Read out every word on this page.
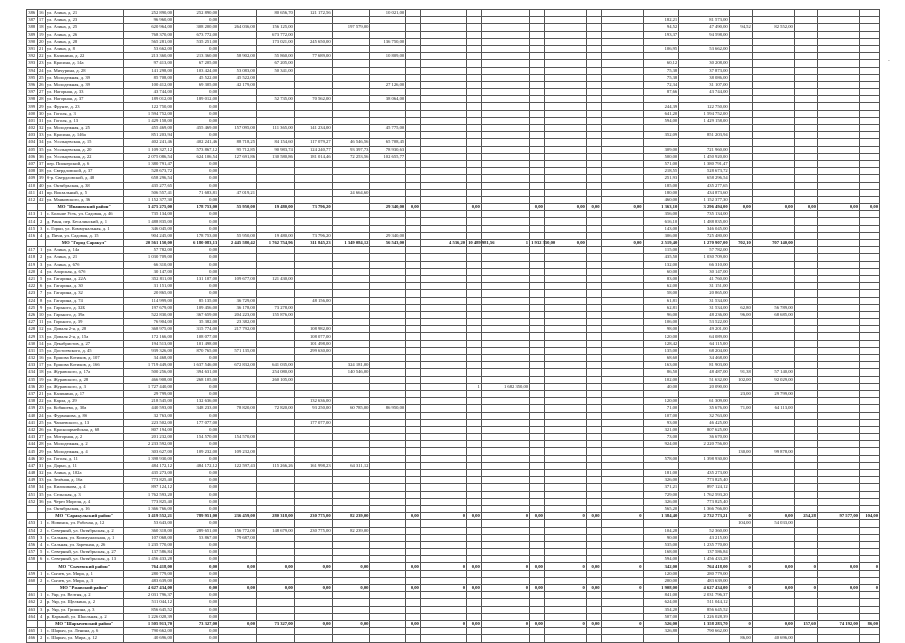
386	16	ул. Азина, д. 21	252 890,00	252 890,00		80 656,70	121 172,56		10 021,00															
387	17	ул. Азина, д. 23	96 960,00	0,00														182,21	81 573,00					
388	18	ул. Азина, д. 25	620 964,00	308 200,00	264 036,00	156 125,00		197 579,00										94,52	47 490,00	94,52	82 552,00			
389	19	ул. Азина, д. 26	768 370,00	673 772,00		673 772,00												193,37	94 598,00					
390	20	ул. Азина, д. 28	565 281,00	535 251,00		173 021,00	245 650,00		136 750,00															
391	21	ул. Азина, д. 8	53 662,00	0,00														106,95	53 662,00					
392	22	ул. Калинина, д. 22	213 360,00	213 360,00	58 902,00	55 860,00	77 689,00		10 809,00															
393	23	ул. Красина, д. 14а	97 413,00	67 205,00		67 205,00												60,12	30 208,00					
394	24	ул. Мичурина, д. 28	141 298,00	103 424,00	53 083,00	50 341,00												75,38	37 873,00					
395	25	ул. Молодежная, д. 39	85 708,00	45 522,00	45 522,00													75,38	38 086,00					
396	26	ул. Молодежная, д. 39	100 412,00	69 305,00	42 179,00				27 126,00									72,34	31 107,00					
397	27	ул. Нагорная, д. 33	43 744,00	0,00														87,66	43 744,00					
398	28	ул. Нагорная, д. 37	189 012,00	189 012,00		52 735,00	70 562,00		38 064,00															
399	29	ул. Фрунзе, д. 23	122 750,00	0,00														244,39	122 750,00					
400	30	ул. Гоголя, д. 3	1 594 752,00	0,00														641,20	1 594 752,00					
401	31	ул. Гоголя, д. 13	1 429 158,00	0,00														594,00	1 429 158,00					
402	32	ул. Молодежная, д. 25	455 469,00	455 469,00	157 095,00	111 365,00	141 234,00		45 775,00															
403	33	ул. Красина, д. 146а	851 203,94	0,00														352,09	851 203,94					
404	34	ул. Усольцевская, д. 15	402 241,46	402 241,46	88 718,25	84 154,60	117 079,27	46 546,56	65 708,45															
405	35	ул. Усольцевская, д. 20	1 109 327,12	573 867,12	95 712,85	90 983,74	124 240,77	93 397,73	78 930,63									309,00	721 960,00					
406	36	ул. Усольцевская, д. 22	2 075 086,54	624 106,54	127 691,86	130 580,86	181 014,46	72 253,56	102 655,77									500,00	1 450 920,00					
407	37	пер. Пионерский, д. 6	1 380 791,47	0,00														571,00	1 380 791,47					
408	38	ул. Свердловской, д. 37	528 673,72	0,00														218,55	528 673,72					
409	39	б-р. Свердловской, д. 48	658 296,54	0,00														251,93	658 296,54					
410	40	ул. Октябрьская, д. 38	435 277,65	0,00														185,00	435 277,65					
411	41	пр. Вокзальный, д. 5	506 557,41	71 683,81	47 019,21			24 664,60										180,00	434 873,60					
412	42	ул. Маяковского, д. 36	1 152 377,30	0,00														460,00	1 152 377,30					
		МО "Ивановский район"	3 475 275,00	178 753,00	55 950,00	19 480,00	73 796,20		29 340,00	0,00		0,00		0,00	0,00	0,00	0,00	1 363,10	3 296 494,00	0,00	0,00	0,00	0,00	0,00
413	1	с. Больше Усть, ул. Садовая, д. 46	735 134,00	0,00														356,00	735 134,00					
414	2	д. Ранн, пер. Бесалинский, д. 1	1 488 835,00	0,00														616,10	1 488 835,00					
415	3	с. Горки, ул. Коммунальная, д. 1	346 045,00	0,00														143,00	346 045,00					
416	4	д. Пичи, ул. Садовая, д. 15	904 245,00	178 753,00	55 950,00	19 480,00	73 796,20		29 340,00									306,00	725 480,00					
		МО "Город Саракул"	20 561 150,00	6 180 083,13	2 445 580,42	1 762 754,96	311 845,23	1 349 084,12	56 543,00		4 536,20	10 489 981,56	1	1 932 350,00	0,00		0,00	2 519,40	1 270 907,00	702,10	707 140,00			
417	1	ул. Азина, д. 14а	57 782,00	0,00														115,00	57 782,00					
418	2	ул. Азина, д. 21	1 030 709,00	0,00														435,50	1 030 709,00					
419	3	ул. Азина, д. 67б	66 310,00	0,00														132,00	66 310,00					
420	4	ул. Азорская, д. 67б	30 147,00	0,00														60,00	30 147,00					
421	5	ул. Гагарина, д. 22А	352 811,00	131 107,00	109 677,00	121 430,00												83,00	41 760,00					
422	6	ул. Гагарина, д. 30	31 151,00	0,00														62,00	31 151,00					
423	7	ул. Гагарина, д. 32	20 865,00	0,00														58,00	20 865,00					
424	8	ул. Гагарина, д. 74	114 999,00	85 135,00	36 729,00		48 156,00											61,81	31 534,00					
425	9	ул. Гарького, д. 32Б	197 679,00	109 456,00	36 178,00	73 278,00												62,81	31 534,00	62,80	56 789,00			
426	10	ул. Гарького, д. 39а	522 830,00	367 659,00	204 223,00	155 876,00												96,00	48 236,00	96,00	68 685,00			
427	11	ул. Горького, д. 39	76 904,00	35 382,00	23 382,00													106,00	53 522,00					
428	12	ул. Доваля 2-я, д. 28	368 975,00	315 774,00	217 792,00		108 982,00											98,00	49 201,00					
429	13	ул. Доваля 2-я, д. 15а	172 166,00	108 077,00			108 077,00											120,00	64 089,00					
430	14	ул. Декабристов, д. 27	194 513,00	101 498,00			101 498,00											128,42	64 115,00					
431	15	ул. Достоевского, д. 45	939 326,00	870 765,00	571 135,00		299 630,00											135,00	68 204,00					
432	16	ул. Ершова Котиков, д. 107	34 468,00	0,00														68,60	34 468,00					
433	17	ул. Ершова Котиков, д. 166	1 719 449,00	1 637 546,00	672 832,00	641 035,00		324 181,00										163,00	81 903,00					
434	18	ул. Журавского, д. 17а	500 256,00	394 631,00		254 080,00		140 546,00										86,50	48 487,00	91,38	57 140,00			
435	19	ул. Журавского, д. 28	466 908,00	268 105,00		260 105,00												102,00	51 632,00	102,00	92 029,00			
436	20	ул. Журавского, д. 3	1 727 440,00	0,00								1	1 682 350,00					40,00	20 090,00					
437	21	ул. Калинина, д. 17	29 799,00	0,00																23,00	29 799,00			
438	22	ул. Карла, д. 29	218 545,00	132 636,00			132 636,00											120,00	61 309,00					
439	23	ул. Кобяшева, д. 30а	440 593,00	348 233,00	78 820,00	72 820,00	93 250,00	60 785,00	86 950,00									71,00	35 676,00	71,00	64 113,00			
440	24	ул. Фурманова, д. 8б	32 763,00	0,00														107,00	32 763,00					
441	25	ул. Чапаевского, д. 13	223 502,00	177 077,00			177 077,00											93,00	46 425,00					
442	26	ул. Красноармейская, д. 68	807 194,00	0,00														321,00	807 625,00					
443	27	ул. Моторная, д. 2	201 232,00	154 570,00	154 570,00													73,00	36 670,00					
444	28	ул. Молодежная, д. 2	2 233 592,00	0,00														924,00	2 220 756,00					
445	29	ул. Молодежная, д. 4	303 627,00	109 232,00	109 232,00															130,00	99 878,00			
446	30	ул. Гоголя, д. 11	1 398 930,00	0,00														578,00	1 398 930,00					
447	31	ул. Дарьи, д. 11	484 172,12	484 172,12	122 597,43	115 266,26	161 998,23	64 311,12																
448	32	ул. Азина, д. 102а	435 273,00	0,00														181,00	435 273,00					
449	33	ул. Зелёная, д. 16а	773 825,40	0,00														326,00	773 825,40					
450	34	ул. Кильчикова, д. 4	897 124,12	0,00														371,21	897 124,12					
451	35	ул. Сельская, д. 3	1 762 593,20	0,00														729,00	1 762 593,20					
452	36	ул. Через Мореля, д. 4	773 825,40	0,00														326,00	773 825,40					
		ул. Октябрьская, д. 16	1 366 766,00	0,00														565,20	1 366 766,00					
		МО "Саракульский район"	3 419 552,21	789 951,00	236 459,00	280 318,00	230 775,00	82 239,00		0,00	0	0,00	0	0,00	0	0,00	0	1 384,40	2 732 773,21	0	0,00	254,28	97 577,00	104,00
453	1	с. Новинск, ул. Рабочая, д. 12	53 643,00	0,00																104,00	54 033,00			
454	2	с. Северный, ул. Октябрьская, д. 2	360 318,00	289 651,00	156 772,00	148 679,00	230 775,00	82 239,00										104,28	52 360,00					
455	3	с. Сальная, ул. Коммунальная, д. 1	107 068,00	53 867,00	79 687,00													90,00	43 215,00					
456	4	с. Сальная, ул. Заречная, д. 26	1 235 770,00	0,00														535,00	1 235 770,00					
457	5	с. Северный, ул. Октябрьская, д. 27	137 586,84	0,00														168,00	137 586,84					
458	6	с. Северный, ул. Октябрьская, д. 13	1 456 433,28	0,00														594,00	1 456 433,28					
		МО "Сычевский район"	764 418,00	0,00	0,00	0,00	0,00	0,00		0,00	0	0,00	0	0,00	0	0,00	0	342,00	764 418,00	0	0,00	0	0,00	0
459	1	с. Сычев, ул. Мира, д. 1	280 779,00	0,00														120,00	280 779,00					
460	2	с. Сычев, ул. Мира, д. 3	483 639,00	0,00														200,00	483 639,00					
		МО "Ржавский район"	4 627 434,00	0,00	0,00	0,00	0,00	0,00		0,00	0	0,00	0	0,00	0	0,00	0	1 908,00	4 627 434,00	0	0,00	0	0,00	0
461	1	с. Уяр, ул. Велтня, д. 2	2 031 796,37	0,00														841,00	2 031 796,37					
462	2	р. Уяр, ул. Щелкина, д. 2	511 044,12	0,00														624,00	511 044,12					
463	3	р. Уяр, ул. Гришина, д. 3	856 645,52	0,00														354,20	856 645,52					
464	4	р. Карыкай, ул. Школьная, д. 2	1 226 028,39	0,00														507,00	1 226 028,39					
		МО "Шарычевский район"	1 505 913,70	73 327,00	0,00	73 327,00	0,00	0,00		0,00	0	0,00	0	0,00	0	0,00	0	526,00	1 358 283,70	0	0,00	157,60	74 192,00	86,00
465	1	с. Шарыч, ул. Ленина, д. 6	790 662,00	0,00														326,88	790 662,00					
466	2	с. Шарыч, ул. Мира, д. 12	40 696,00	0,00																86,00	40 696,00			
·
